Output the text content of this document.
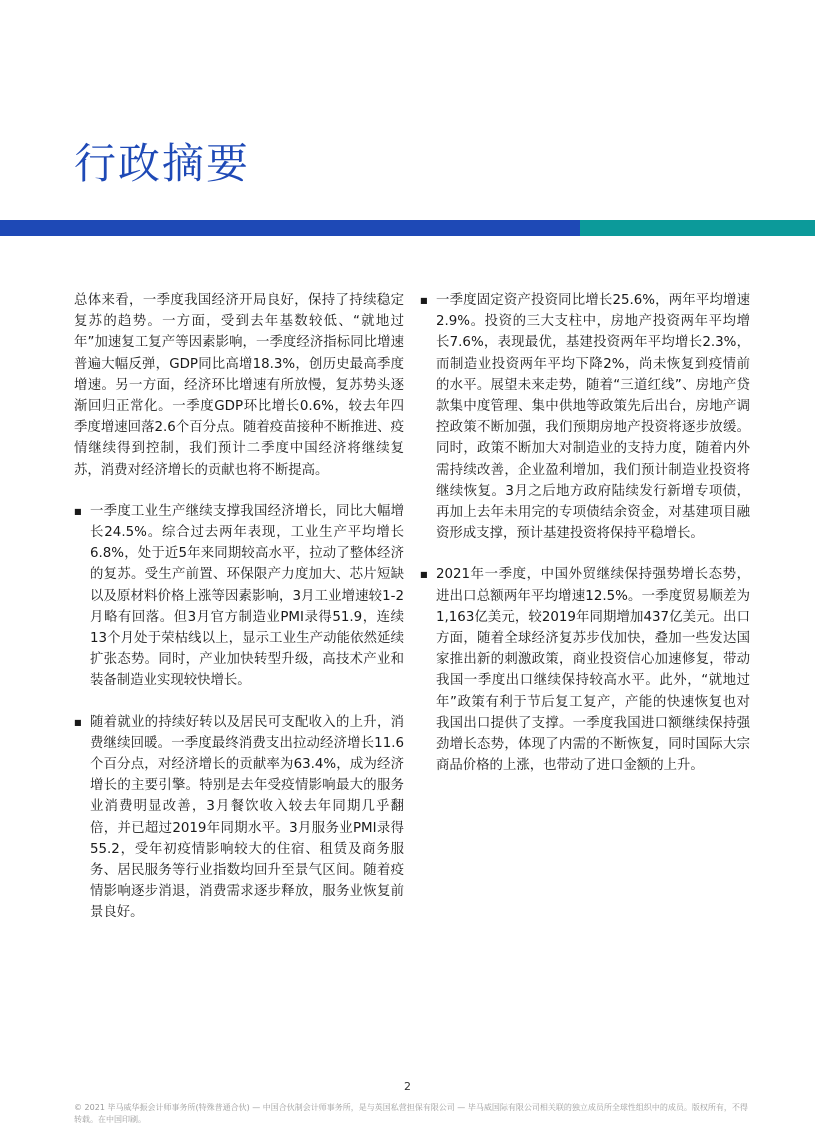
行政摘要

总体来看，一季度我国经济开局良好，保持了持续稳定复苏的趋势。一方面，受到去年基数较低、“就地过年”加速复工复产等因素影响，一季度经济指标同比增速普遍大幅反弹，GDP同比高增18.3%，创历史最高季度增速。另一方面，经济环比增速有所放慢，复苏势头逐渐回归正常化。一季度GDP环比增长0.6%，较去年四季度增速回落2.6个百分点。随着疫苗接种不断推进、疫情继续得到控制，我们预计二季度中国经济将继续复苏，消费对经济增长的贡献也将不断提高。

■ 一季度工业生产继续支撑我国经济增长，同比大幅增长24.5%。综合过去两年表现，工业生产平均增长6.8%，处于近5年来同期较高水平，拉动了整体经济的复苏。受生产前置、环保限产力度加大、芯片短缺以及原材料价格上涨等因素影响，3月工业增速较1-2月略有回落。但3月官方制造业PMI录得51.9，连续13个月处于荣枯线以上，显示工业生产动能依然延续扩张态势。同时，产业加快转型升级，高技术产业和装备制造业实现较快增长。
■ 随着就业的持续好转以及居民可支配收入的上升，消费继续回暖。一季度最终消费支出拉动经济增长11.6个百分点，对经济增长的贡献率为63.4%，成为经济增长的主要引擎。特别是去年受疫情影响最大的服务业消费明显改善，3月餐饮收入较去年同期几乎翻倍，并已超过2019年同期水平。3月服务业PMI录得55.2，受年初疫情影响较大的住宿、租赁及商务服务、居民服务等行业指数均回升至景气区间。随着疫情影响逐步消退，消费需求逐步释放，服务业恢复前景良好。
■ 一季度固定资产投资同比增长25.6%，两年平均增速2.9%。投资的三大支柱中，房地产投资两年平均增长7.6%，表现最优，基建投资两年平均增长2.3%，而制造业投资两年平均下降2%，尚未恢复到疫情前的水平。展望未来走势，随着“三道红线”、房地产贷款集中度管理、集中供地等政策先后出台，房地产调控政策不断加强，我们预期房地产投资将逐步放缓。同时，政策不断加大对制造业的支持力度，随着内外需持续改善，企业盈利增加，我们预计制造业投资将继续恢复。3月之后地方政府陆续发行新增专项债，再加上去年未用完的专项债结余资金，对基建项目融资形成支撑，预计基建投资将保持平稳增长。
■ 2021年一季度，中国外贸继续保持强势增长态势，进出口总额两年平均增速12.5%。一季度贸易顺差为1,163亿美元，较2019年同期增加437亿美元。出口方面，随着全球经济复苏步伐加快，叠加一些发达国家推出新的刺激政策，商业投资信心加速修复，带动我国一季度出口继续保持较高水平。此外，“就地过年”政策有利于节后复工复产，产能的快速恢复也对我国出口提供了支撑。一季度我国进口额继续保持强劲增长态势，体现了内需的不断恢复，同时国际大宗商品价格的上涨，也带动了进口金额的上升。
2
© 2021 毕马威华振会计师事务所(特殊普通合伙) — 中国合伙制会计师事务所，是与英国私营担保有限公司 — 毕马威国际有限公司相关联的独立成员所全球性组织中的成员。版权所有，不得转载。在中国印刷。
